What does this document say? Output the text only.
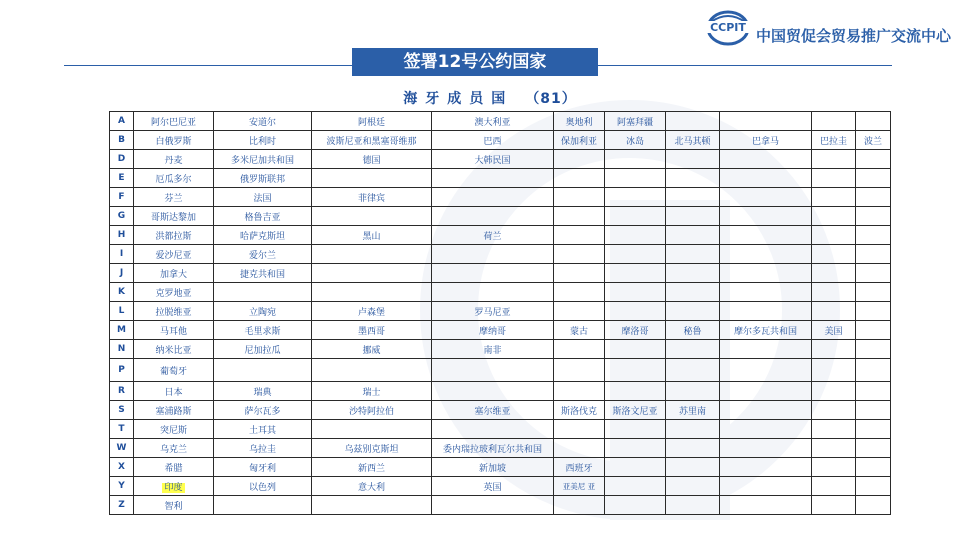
CCPIT 中国贸促会贸易推广交流中心
签署12号公约国家
海牙成员国 （81）
A	阿尔巴尼亚	安道尔	阿根廷	澳大利亚	奥地利	阿塞拜疆				
B	白俄罗斯	比利时	波斯尼亚和黑塞哥维那	巴西	保加利亚	冰岛	北马其顿	巴拿马	巴拉圭	波兰
D	丹麦	多米尼加共和国	德国	大韩民国						
E	厄瓜多尔	俄罗斯联邦								
F	芬兰	法国	菲律宾							
G	哥斯达黎加	格鲁吉亚								
H	洪都拉斯	哈萨克斯坦	黑山	荷兰						
I	爱沙尼亚	爱尔兰								
J	加拿大	捷克共和国								
K	克罗地亚									
L	拉脱维亚	立陶宛	卢森堡	罗马尼亚						
M	马耳他	毛里求斯	墨西哥	摩纳哥	蒙古	摩洛哥	秘鲁	摩尔多瓦共和国	美国	
N	纳米比亚	尼加拉瓜	挪威	南非						
P	葡萄牙									
R	日本	瑞典	瑞士							
S	塞浦路斯	萨尔瓦多	沙特阿拉伯	塞尔维亚	斯洛伐克	斯洛文尼亚	苏里南			
T	突尼斯	土耳其								
W	乌克兰	乌拉圭	乌兹别克斯坦	委内瑞拉玻利瓦尔共和国						
X	希腊	匈牙利	新西兰	新加坡	西班牙					
Y	印度	以色列	意大利	英国	亚美尼 亚					
Z	智利									
